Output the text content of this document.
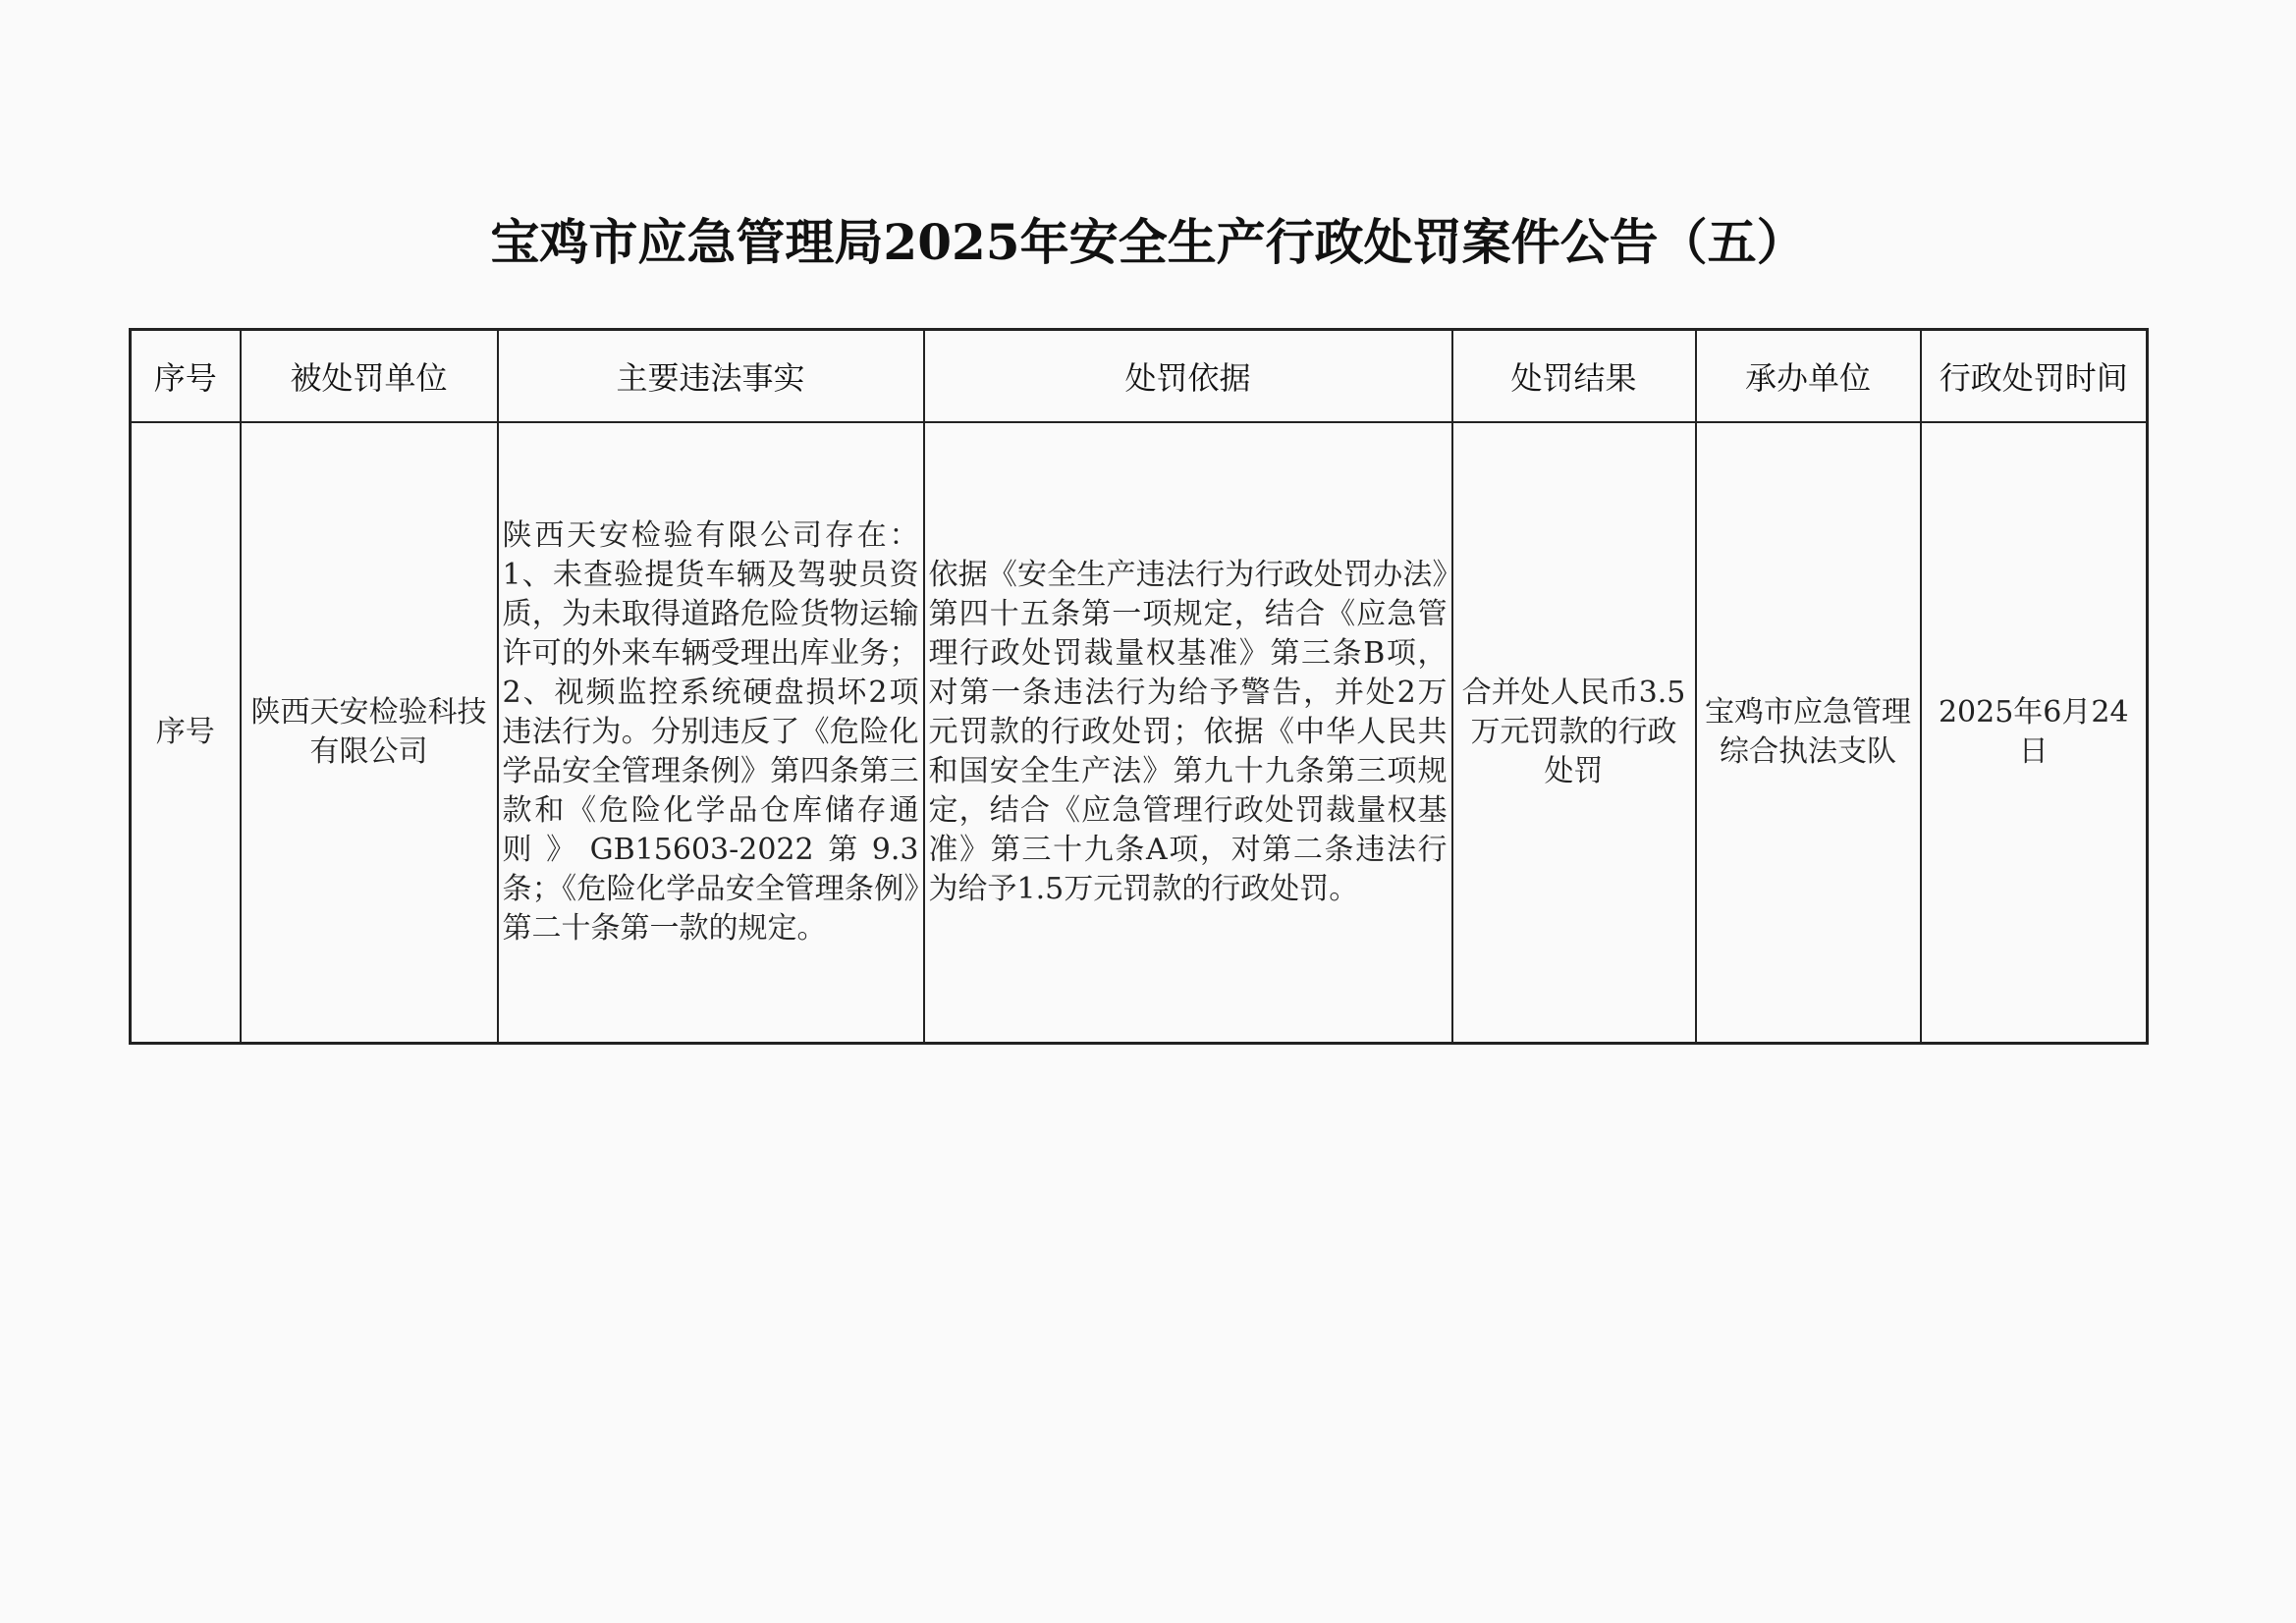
宝鸡市应急管理局2025年安全生产行政处罚案件公告（五）
序号	被处罚单位	主要违法事实	处罚依据	处罚结果	承办单位	行政处罚时间
序号	陕西天安检验科技有限公司	陕西天安检验有限公司存在：1、未查验提货车辆及驾驶员资质，为未取得道路危险货物运输许可的外来车辆受理出库业务；2、视频监控系统硬盘损坏2项违法行为。分别违反了《危险化学品安全管理条例》第四条第三款和《危险化学品仓库储存通则》GB15603-2022第9.3条；《危险化学品安全管理条例》第二十条第一款的规定。	依据《安全生产违法行为行政处罚办法》第四十五条第一项规定，结合《应急管理行政处罚裁量权基准》第三条B项，对第一条违法行为给予警告，并处2万元罚款的行政处罚；依据《中华人民共和国安全生产法》第九十九条第三项规定，结合《应急管理行政处罚裁量权基准》第三十九条A项，对第二条违法行为给予1.5万元罚款的行政处罚。	合并处人民币3.5万元罚款的行政处罚	宝鸡市应急管理综合执法支队	2025年6月24日
